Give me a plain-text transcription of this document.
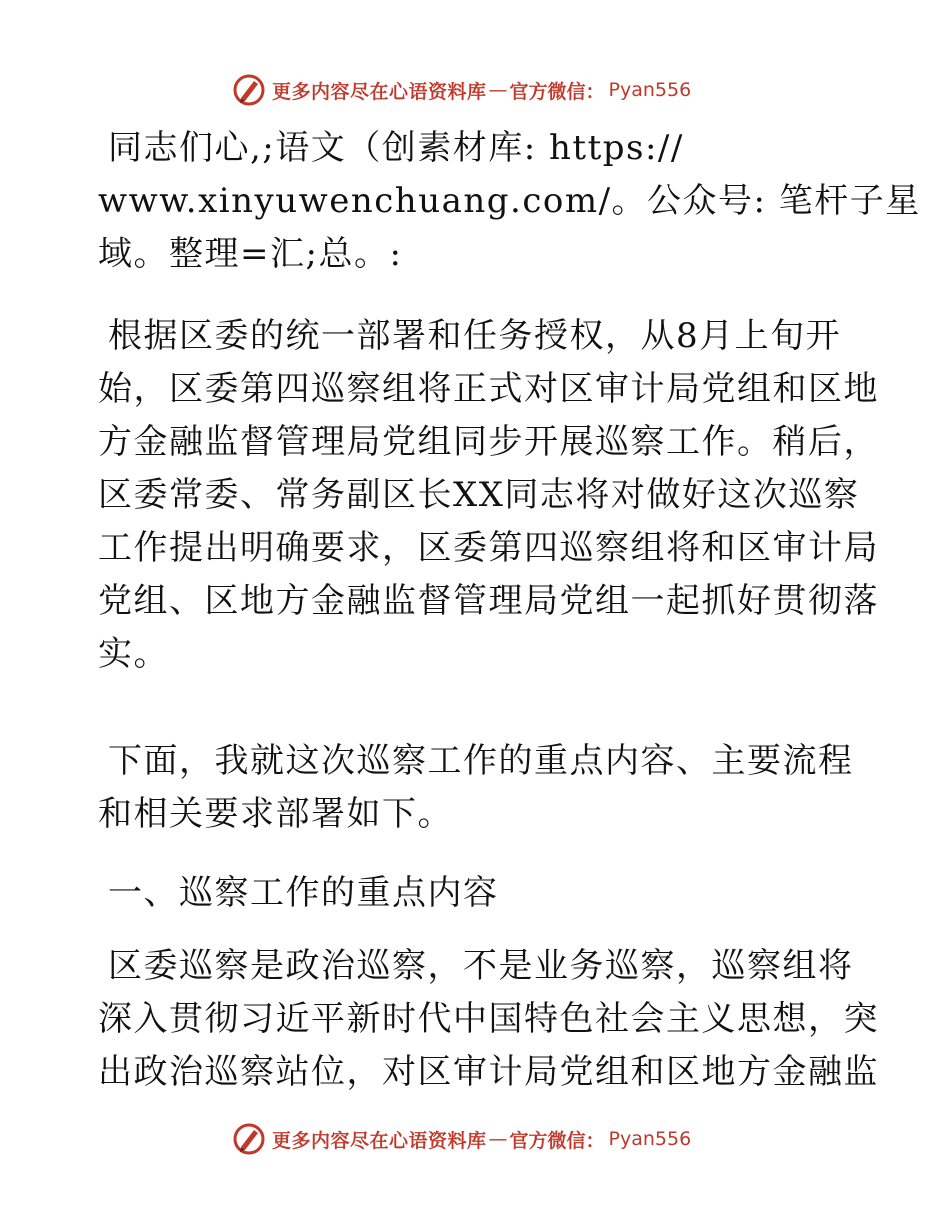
更多内容尽在心语资料库 — 官方微信： Pyan556

同志们心,;语文（创素材库: https://
www.xinyuwenchuang.com/。公众号: 笔杆子星
域。整理=汇;总。:

根据区委的统一部署和任务授权，从8月上旬开
始，区委第四巡察组将正式对区审计局党组和区地
方金融监督管理局党组同步开展巡察工作。稍后，
区委常委、常务副区长XX同志将对做好这次巡察
工作提出明确要求，区委第四巡察组将和区审计局
党组、区地方金融监督管理局党组一起抓好贯彻落
实。

下面，我就这次巡察工作的重点内容、主要流程
和相关要求部署如下。

一、巡察工作的重点内容

区委巡察是政治巡察，不是业务巡察，巡察组将
深入贯彻习近平新时代中国特色社会主义思想，突
出政治巡察站位，对区审计局党组和区地方金融监

更多内容尽在心语资料库 — 官方微信： Pyan556
